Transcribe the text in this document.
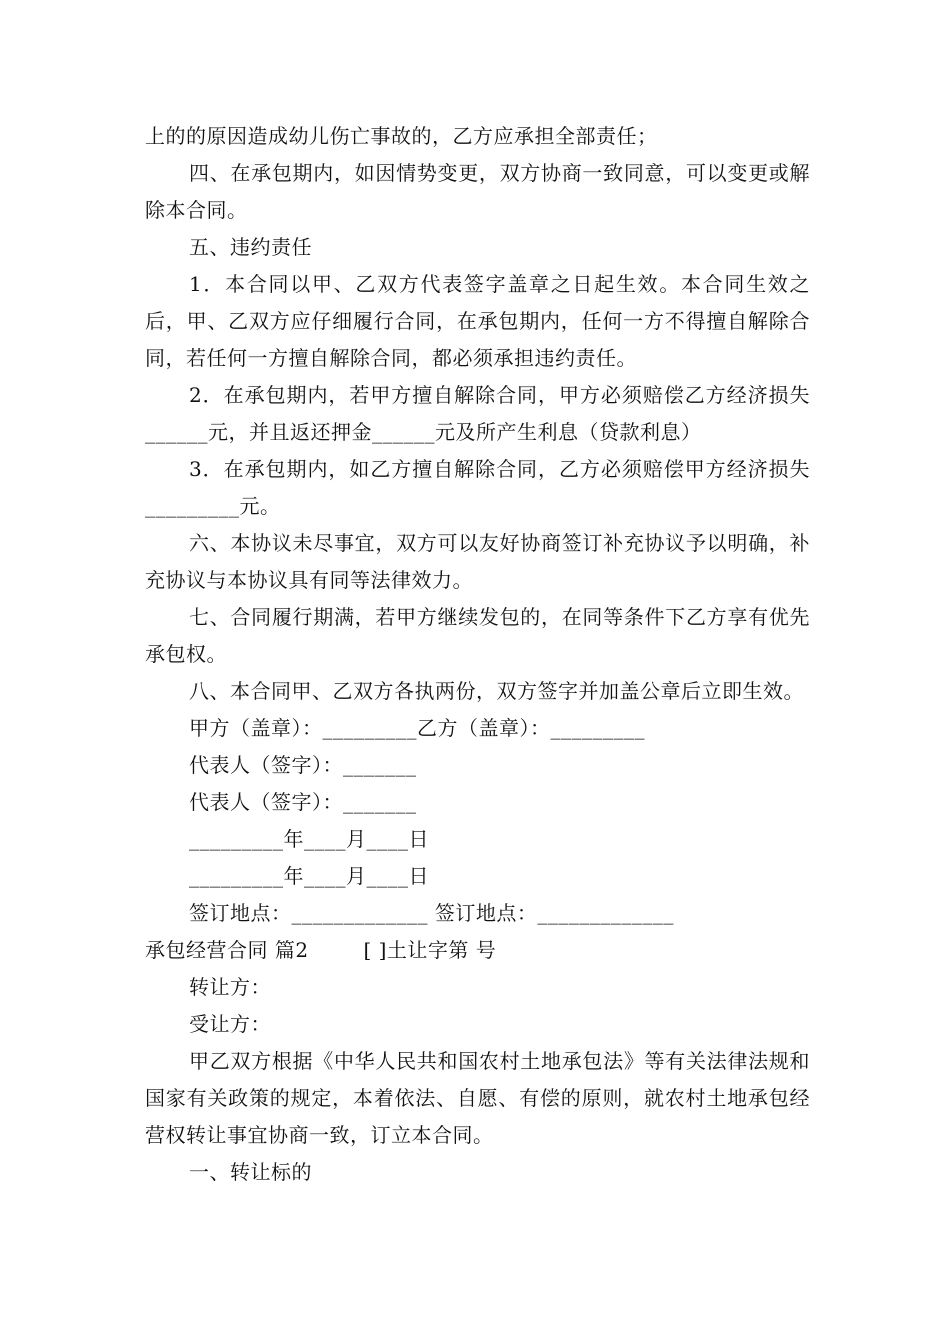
上的的原因造成幼儿伤亡事故的，乙方应承担全部责任；

四、在承包期内，如因情势变更，双方协商一致同意，可以变更或解除本合同。

五、违约责任

1．本合同以甲、乙双方代表签字盖章之日起生效。本合同生效之后，甲、乙双方应仔细履行合同，在承包期内，任何一方不得擅自解除合同，若任何一方擅自解除合同，都必须承担违约责任。

2．在承包期内，若甲方擅自解除合同，甲方必须赔偿乙方经济损失______元，并且返还押金______元及所产生利息（贷款利息）

3．在承包期内，如乙方擅自解除合同，乙方必须赔偿甲方经济损失_________元。

六、本协议未尽事宜，双方可以友好协商签订补充协议予以明确，补充协议与本协议具有同等法律效力。

七、合同履行期满，若甲方继续发包的，在同等条件下乙方享有优先承包权。

八、本合同甲、乙双方各执两份，双方签字并加盖公章后立即生效。

甲方（盖章）：_________乙方（盖章）：_________
代表人（签字）：_______
代表人（签字）：_______
_________年____月____日
_________年____月____日
签订地点：_____________ 签订地点：_____________
承包经营合同 篇2        [ ]土让字第 号
转让方：
受让方：

甲乙双方根据《中华人民共和国农村土地承包法》等有关法律法规和国家有关政策的规定，本着依法、自愿、有偿的原则，就农村土地承包经营权转让事宜协商一致，订立本合同。

一、转让标的
